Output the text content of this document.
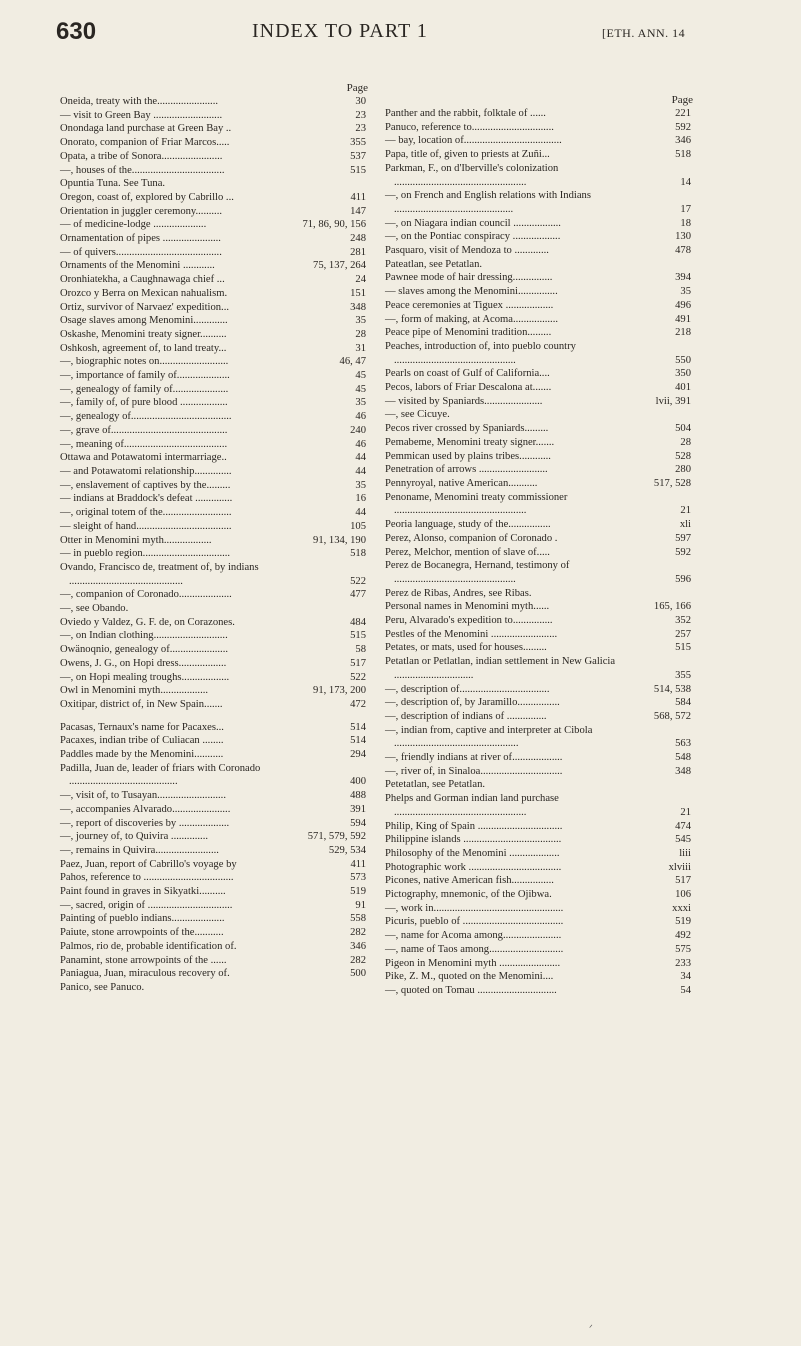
630	INDEX TO PART 1	[ETH. ANN. 14
Page
Oneida, treaty with the.......................	30
— visit to Green Bay ..........................	23
Onondaga land purchase at Green Bay ..	23
Onorato, companion of Friar Marcos.....	355
Opata, a tribe of Sonora.......................	537
—, houses of the...................................	515
Opuntia Tuna. See Tuna.
Oregon, coast of, explored by Cabrillo ...	411
Orientation in juggler ceremony..........	147
— of medicine-lodge ....................	71, 86, 90, 156
Ornamentation of pipes ......................	248
— of quivers........................................	281
Ornaments of the Menomini ............	75, 137, 264
Oronhiatekha, a Caughnawaga chief ...	24
Orozco y Berra on Mexican nahualism.	151
Ortiz, survivor of Narvaez' expedition...	348
Osage slaves among Menomini.............	35
Oskashe, Menomini treaty signer..........	28
Oshkosh, agreement of, to land treaty...	31
—, biographic notes on..........................	46, 47
—, importance of family of....................	45
—, genealogy of family of.....................	45
—, family of, of pure blood ..................	35
—, genealogy of......................................	46
—, grave of............................................	240
—, meaning of.......................................	46
Ottawa and Potawatomi intermarriage..	44
— and Potawatomi relationship..............	44
—, enslavement of captives by the.........	35
— indians at Braddock's defeat ..............	16
—, original totem of the..........................	44
— sleight of hand....................................	105
Otter in Menomini myth..................	91, 134, 190
— in pueblo region.................................	518
Ovando, Francisco de, treatment of, by indians ...........................................	522
—, companion of Coronado....................	477
—, see Obando.
Oviedo y Valdez, G. F. de, on Corazones.	484
—, on Indian clothing............................	515
Owänoqnio, genealogy of......................	58
Owens, J. G., on Hopi dress..................	517
—, on Hopi mealing troughs..................	522
Owl in Menomini myth..................	91, 173, 200
Oxitipar, district of, in New Spain.......	472
Pacasas, Ternaux's name for Pacaxes...	514
Pacaxes, indian tribe of Culiacan ........	514
Paddles made by the Menomini...........	294
Padilla, Juan de, leader of friars with Coronado .........................................	400
—, visit of, to Tusayan..........................	488
—, accompanies Alvarado......................	391
—, report of discoveries by ...................	594
—, journey of, to Quivira ..............	571, 579, 592
—, remains in Quivira........................	529, 534
Paez, Juan, report of Cabrillo's voyage by	411
Pahos, reference to ..................................	573
Paint found in graves in Sikyatki..........	519
—, sacred, origin of ................................	91
Painting of pueblo indians....................	558
Paiute, stone arrowpoints of the...........	282
Palmos, rio de, probable identification of.	346
Panamint, stone arrowpoints of the ......	282
Paniagua, Juan, miraculous recovery of.	500
Panico, see Panuco.
Page
Panther and the rabbit, folktale of ......	221
Panuco, reference to...............................	592
— bay, location of.....................................	346
Papa, title of, given to priests at Zuñi...	518
Parkman, F., on d'Iberville's colonization ..................................................	14
—, on French and English relations with Indians .............................................	17
—, on Niagara indian council ..................	18
—, on the Pontiac conspiracy ..................	130
Pasquaro, visit of Mendoza to .............	478
Pateatlan, see Petatlan.
Pawnee mode of hair dressing...............	394
— slaves among the Menomini...............	35
Peace ceremonies at Tiguex ..................	496
—, form of making, at Acoma.................	491
Peace pipe of Menomini tradition.........	218
Peaches, introduction of, into pueblo country ..............................................	550
Pearls on coast of Gulf of California....	350
Pecos, labors of Friar Descalona at.......	401
— visited by Spaniards......................	lvii, 391
—, see Cicuye.
Pecos river crossed by Spaniards.........	504
Pemabeme, Menomini treaty signer.......	28
Pemmican used by plains tribes............	528
Penetration of arrows ..........................	280
Pennyroyal, native American...........	517, 528
Penoname, Menomini treaty commissioner ..................................................	21
Peoria language, study of the................	xli
Perez, Alonso, companion of Coronado .	597
Perez, Melchor, mention of slave of.....	592
Perez de Bocanegra, Hernand, testimony of ..............................................	596
Perez de Ribas, Andres, see Ribas.
Personal names in Menomini myth......	165, 166
Peru, Alvarado's expedition to...............	352
Pestles of the Menomini .........................	257
Petates, or mats, used for houses.........	515
Petatlan or Petlatlan, indian settlement in New Galicia ..............................	355
—, description of..................................	514, 538
—, description of, by Jaramillo................	584
—, description of indians of ...............	568, 572
—, indian from, captive and interpreter at Cibola ...............................................	563
—, friendly indians at river of...................	548
—, river of, in Sinaloa...............................	348
Petetatlan, see Petatlan.
Phelps and Gorman indian land purchase ..................................................	21
Philip, King of Spain ................................	474
Philippine islands .....................................	545
Philosophy of the Menomini ...................	liii
Photographic work ...................................	xlviii
Picones, native American fish................	517
Pictography, mnemonic, of the Ojibwa.	106
—, work in.................................................	xxxi
Picuris, pueblo of ......................................	519
—, name for Acoma among......................	492
—, name of Taos among............................	575
Pigeon in Menomini myth .......................	233
Pike, Z. M., quoted on the Menomini....	34
—, quoted on Tomau ..............................	54
ᐟ
